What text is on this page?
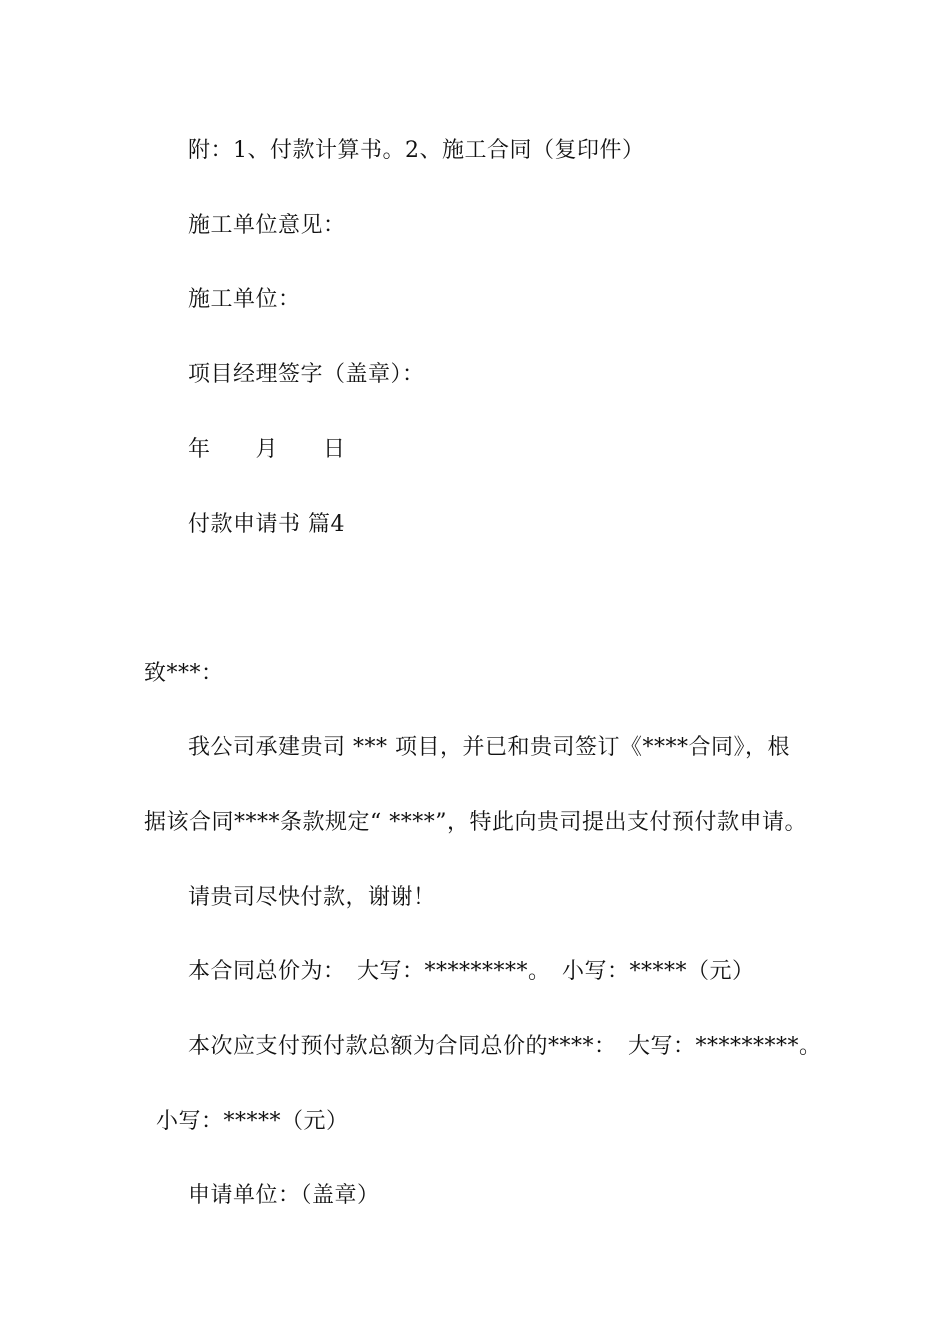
附：1、付款计算书。2、施工合同（复印件）
施工单位意见：
施工单位：
项目经理签字（盖章）：
年　　月　　日
付款申请书 篇4
致***：
我公司承建贵司 *** 项目，并已和贵司签订《****合同》，根
据该合同****条款规定“ ****”，特此向贵司提出支付预付款申请。
请贵司尽快付款，谢谢！
本合同总价为：　大写：*********。　小写：*****（元）
本次应支付预付款总额为合同总价的****：　大写：*********。
小写：*****（元）
申请单位：（盖章）
